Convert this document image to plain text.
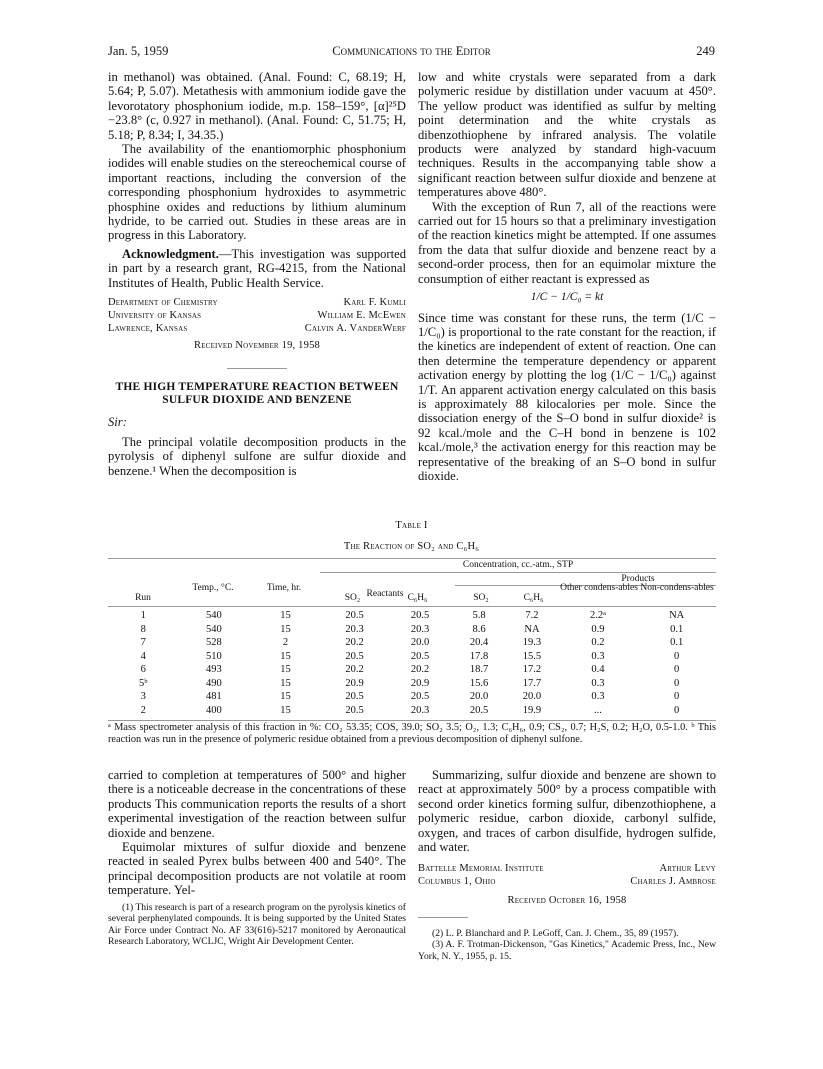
Jan. 5, 1959	Communications to the Editor	249

in methanol) was obtained. (Anal. Found: C, 68.19; H, 5.64; P, 5.07). Metathesis with ammonium iodide gave the levorotatory phosphonium iodide, m.p. 158–159°, [α]²⁵D −23.8° (c, 0.927 in methanol). (Anal. Found: C, 51.75; H, 5.18; P, 8.34; I, 34.35.)

The availability of the enantiomorphic phosphonium iodides will enable studies on the stereochemical course of important reactions, including the conversion of the corresponding phosphonium hydroxides to asymmetric phosphine oxides and reductions by lithium aluminum hydride, to be carried out. Studies in these areas are in progress in this Laboratory.

Acknowledgment.—This investigation was supported in part by a research grant, RG-4215, from the National Institutes of Health, Public Health Service.

Department of Chemistry	Karl F. Kumli
University of Kansas	William E. McEwen
Lawrence, Kansas	Calvin A. VanderWerf
Received November 19, 1958
THE HIGH TEMPERATURE REACTION BETWEEN SULFUR DIOXIDE AND BENZENE
Sir:

The principal volatile decomposition products in the pyrolysis of diphenyl sulfone are sulfur dioxide and benzene.¹ When the decomposition is

low and white crystals were separated from a dark polymeric residue by distillation under vacuum at 450°. The yellow product was identified as sulfur by melting point determination and the white crystals as dibenzothiophene by infrared analysis. The volatile products were analyzed by standard high-vacuum techniques. Results in the accompanying table show a significant reaction between sulfur dioxide and benzene at temperatures above 480°.

With the exception of Run 7, all of the reactions were carried out for 15 hours so that a preliminary investigation of the reaction kinetics might be attempted. If one assumes from the data that sulfur dioxide and benzene react by a second-order process, then for an equimolar mixture the consumption of either reactant is expressed as

1/C − 1/C₀ = kt

Since time was constant for these runs, the term (1/C − 1/C₀) is proportional to the rate constant for the reaction, if the kinetics are independent of extent of reaction. One can then determine the temperature dependency or apparent activation energy by plotting the log (1/C − 1/C₀) against 1/T. An apparent activation energy calculated on this basis is approximately 88 kilocalories per mole. Since the dissociation energy of the S–O bond in sulfur dioxide² is 92 kcal./mole and the C–H bond in benzene is 102 kcal./mole,³ the activation energy for this reaction may be representative of the breaking of an S–O bond in sulfur dioxide.

Table I
The Reaction of SO₂ and C₆H₆
Concentration, cc.-atm., STP
Products
Reactants
Run
Temp., °C.	Time, hr.
SO₂	C₆H₆	SO₂	C₆H₆
Other condens-ables Non-condens-ables
1	540	15	20.5	20.5	5.8	7.2	2.2ᵃ	NA
8	540	15	20.3	20.3	8.6	NA	0.9	0.1
7	528	2	20.2	20.0	20.4	19.3	0.2	0.1
4	510	15	20.5	20.5	17.8	15.5	0.3	0
6	493	15	20.2	20.2	18.7	17.2	0.4	0
5ᵇ	490	15	20.9	20.9	15.6	17.7	0.3	0
3	481	15	20.5	20.5	20.0	20.0	0.3	0
2	400	15	20.5	20.3	20.5	19.9	...	0
ᵃ Mass spectrometer analysis of this fraction in %: CO₂ 53.35; COS, 39.0; SO₂ 3.5; O₂, 1.3; C₆H₆, 0.9; CS₂, 0.7; H₂S, 0.2; H₂O, 0.5-1.0. ᵇ This reaction was run in the presence of polymeric residue obtained from a previous decomposition of diphenyl sulfone.

carried to completion at temperatures of 500° and higher there is a noticeable decrease in the concentrations of these products This communication reports the results of a short experimental investigation of the reaction between sulfur dioxide and benzene.

Equimolar mixtures of sulfur dioxide and benzene reacted in sealed Pyrex bulbs between 400 and 540°. The principal decomposition products are not volatile at room temperature. Yel-

(1) This research is part of a research program on the pyrolysis kinetics of several perphenylated compounds. It is being supported by the United States Air Force under Contract No. AF 33(616)-5217 monitored by Aeronautical Research Laboratory, WCLJC, Wright Air Development Center.

Summarizing, sulfur dioxide and benzene are shown to react at approximately 500° by a process compatible with second order kinetics forming sulfur, dibenzothiophene, a polymeric residue, carbon dioxide, carbonyl sulfide, oxygen, and traces of carbon disulfide, hydrogen sulfide, and water.

Battelle Memorial Institute	Arthur Levy
Columbus 1, Ohio	Charles J. Ambrose
Received October 16, 1958

(2) L. P. Blanchard and P. LeGoff, Can. J. Chem., 35, 89 (1957).

(3) A. F. Trotman-Dickenson, "Gas Kinetics," Academic Press, Inc., New York, N. Y., 1955, p. 15.
